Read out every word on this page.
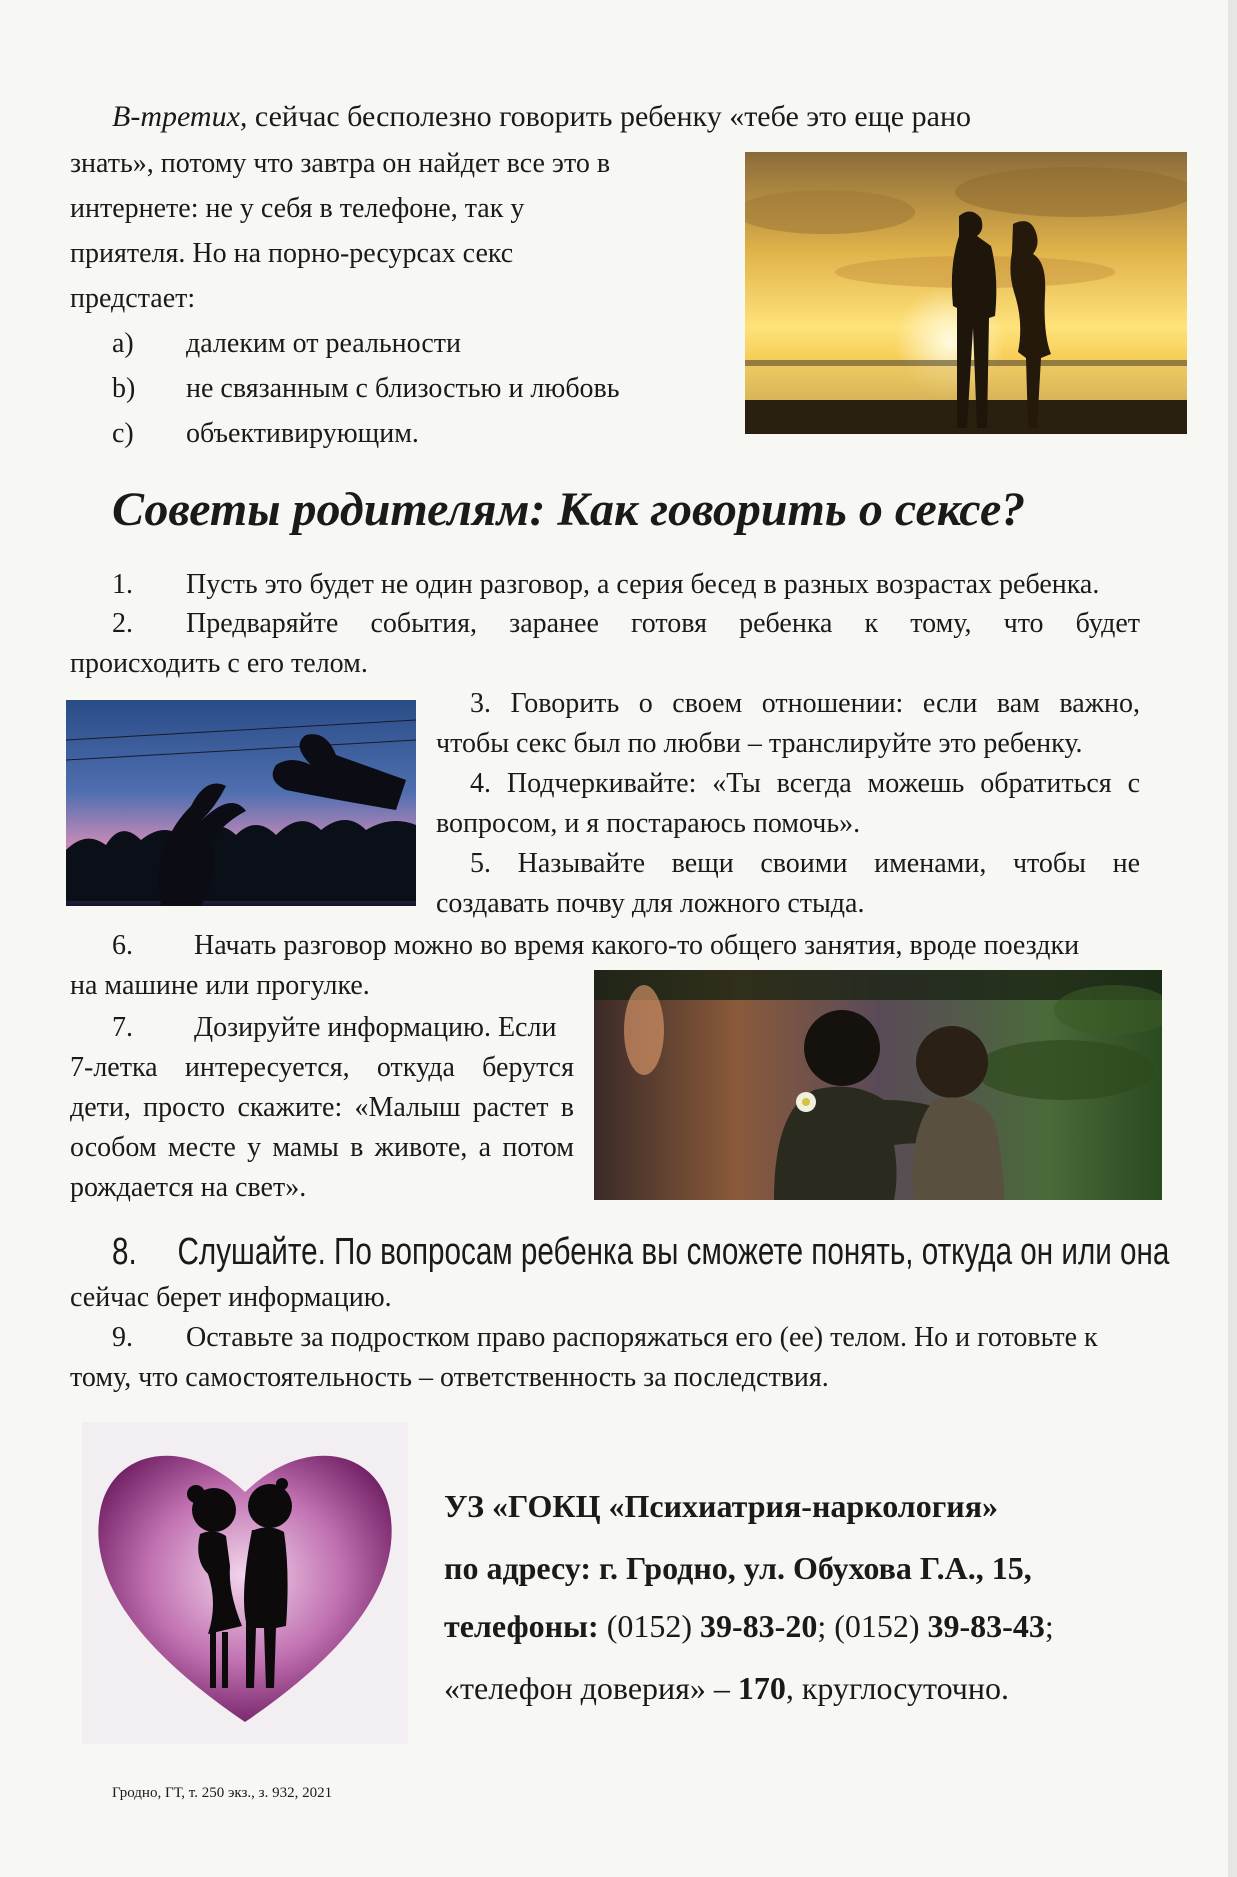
В-третих, сейчас бесполезно говорить ребенку «тебе это еще рано
знать», потому что завтра он найдет все это в
интернете: не у себя в телефоне, так у
приятеля. Но на порно-ресурсах секс
предстает:
a) далеким от реальности
b) не связанным с близостью и любовь
c) объективирующим.
Советы родителям: Как говорить о сексе?
1. Пусть это будет не один разговор, а серия бесед в разных возрастах ребенка.
2.	Предваряйте события, заранее готовя ребенка к тому, что будет
происходить с его телом.
3. Говорить о своем отношении: если вам важно,
чтобы секс был по любви – транслируйте это ребенку.
4. Подчеркивайте: «Ты всегда можешь обратиться с
вопросом, и я постараюсь помочь».
5. Называйте вещи своими именами, чтобы не
создавать почву для ложного стыда.
6. Начать разговор можно во время какого-то общего занятия, вроде поездки
на машине или прогулке.
7. Дозируйте информацию. Если
7-летка интересуется, откуда берутся
дети, просто скажите: «Малыш растет в
особом месте у мамы в животе, а потом
рождается на свет».
8. Слушайте. По вопросам ребенка вы сможете понять, откуда он или она
сейчас берет информацию.
9. Оставьте за подростком право распоряжаться его (ее) телом. Но и готовьте к
тому, что самостоятельность – ответственность за последствия.
УЗ «ГОКЦ «Психиатрия-наркология»
по адресу: г. Гродно, ул. Обухова Г.А., 15,
телефоны: (0152) 39-83-20; (0152) 39-83-43;
«телефон доверия» – 170, круглосуточно.
Гродно, ГТ, т. 250 экз., з. 932, 2021
